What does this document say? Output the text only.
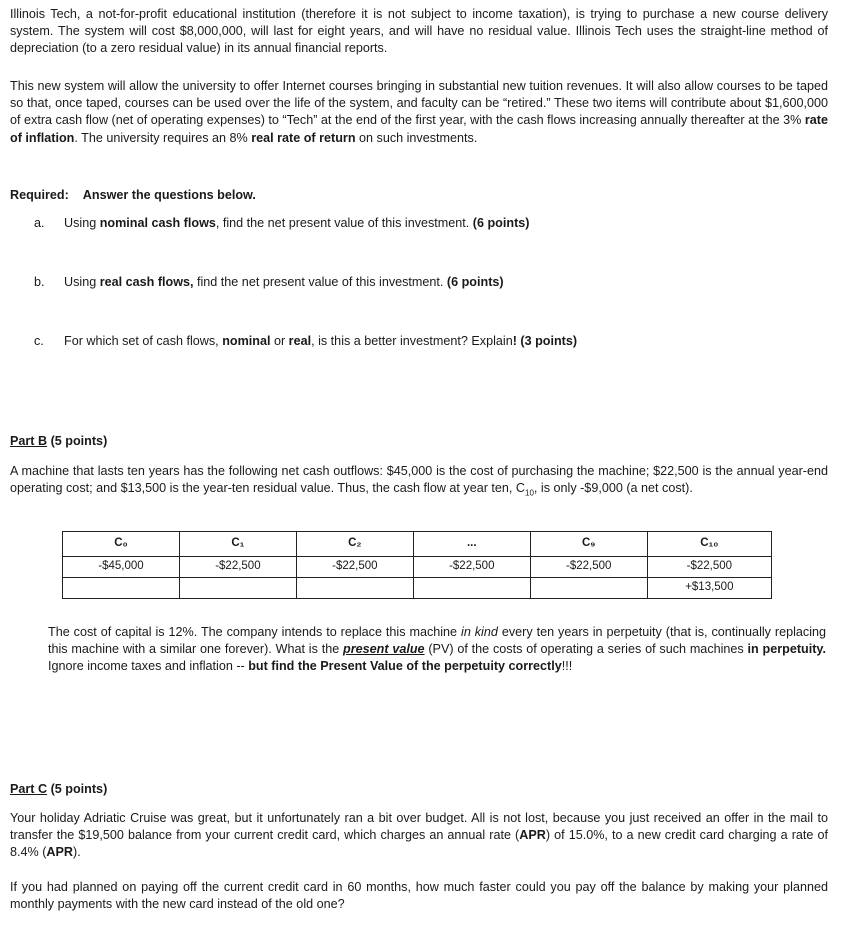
Illinois Tech, a not-for-profit educational institution (therefore it is not subject to income taxation), is trying to purchase a new course delivery system. The system will cost $8,000,000, will last for eight years, and will have no residual value. Illinois Tech uses the straight-line method of depreciation (to a zero residual value) in its annual financial reports.

This new system will allow the university to offer Internet courses bringing in substantial new tuition revenues. It will also allow courses to be taped so that, once taped, courses can be used over the life of the system, and faculty can be “retired.” These two items will contribute about $1,600,000 of extra cash flow (net of operating expenses) to “Tech” at the end of the first year, with the cash flows increasing annually thereafter at the 3% rate of inflation. The university requires an 8% real rate of return on such investments.

Required: Answer the questions below.
a. Using nominal cash flows, find the net present value of this investment. (6 points)
b. Using real cash flows, find the net present value of this investment. (6 points)
c. For which set of cash flows, nominal or real, is this a better investment? Explain! (3 points)
Part B (5 points)

A machine that lasts ten years has the following net cash outflows: $45,000 is the cost of purchasing the machine; $22,500 is the annual year-end operating cost; and $13,500 is the year-ten residual value. Thus, the cash flow at year ten, $C_{10}$, is only -$9,000 (a net cost).

C₀	C₁	C₂	...	C₉	C₁₀
-$45,000	-$22,500	-$22,500	-$22,500	-$22,500	-$22,500
					+$13,500

The cost of capital is 12%. The company intends to replace this machine in kind every ten years in perpetuity (that is, continually replacing this machine with a similar one forever). What is the present value (PV) of the costs of operating a series of such machines in perpetuity. Ignore income taxes and inflation -- but find the Present Value of the perpetuity correctly!!!

Part C (5 points)

Your holiday Adriatic Cruise was great, but it unfortunately ran a bit over budget. All is not lost, because you just received an offer in the mail to transfer the $19,500 balance from your current credit card, which charges an annual rate (APR) of 15.0%, to a new credit card charging a rate of 8.4% (APR).

If you had planned on paying off the current credit card in 60 months, how much faster could you pay off the balance by making your planned monthly payments with the new card instead of the old one?
